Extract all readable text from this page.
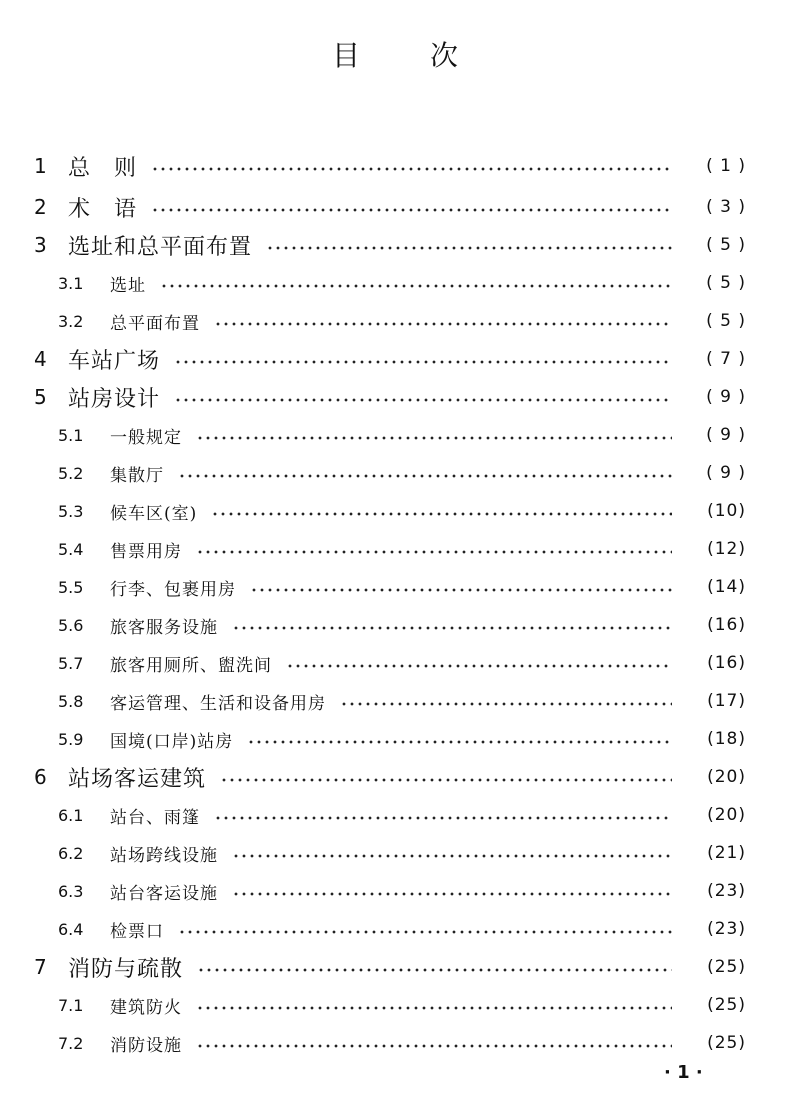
目	次
1 总　则	( 1 )
2 术　语	( 3 )
3 选址和总平面布置	( 5 )
3.1	选址	( 5 )
3.2	总平面布置	( 5 )
4 车站广场	( 7 )
5 站房设计	( 9 )
5.1	一般规定	( 9 )
5.2	集散厅	( 9 )
5.3	候车区(室)	(10)
5.4	售票用房	(12)
5.5	行李、包裹用房	(14)
5.6	旅客服务设施	(16)
5.7	旅客用厕所、盥洗间	(16)
5.8	客运管理、生活和设备用房	(17)
5.9	国境(口岸)站房	(18)
6 站场客运建筑	(20)
6.1	站台、雨篷	(20)
6.2	站场跨线设施	(21)
6.3	站台客运设施	(23)
6.4	检票口	(23)
7 消防与疏散	(25)
7.1	建筑防火	(25)
7.2	消防设施	(25)
· 1 ·
